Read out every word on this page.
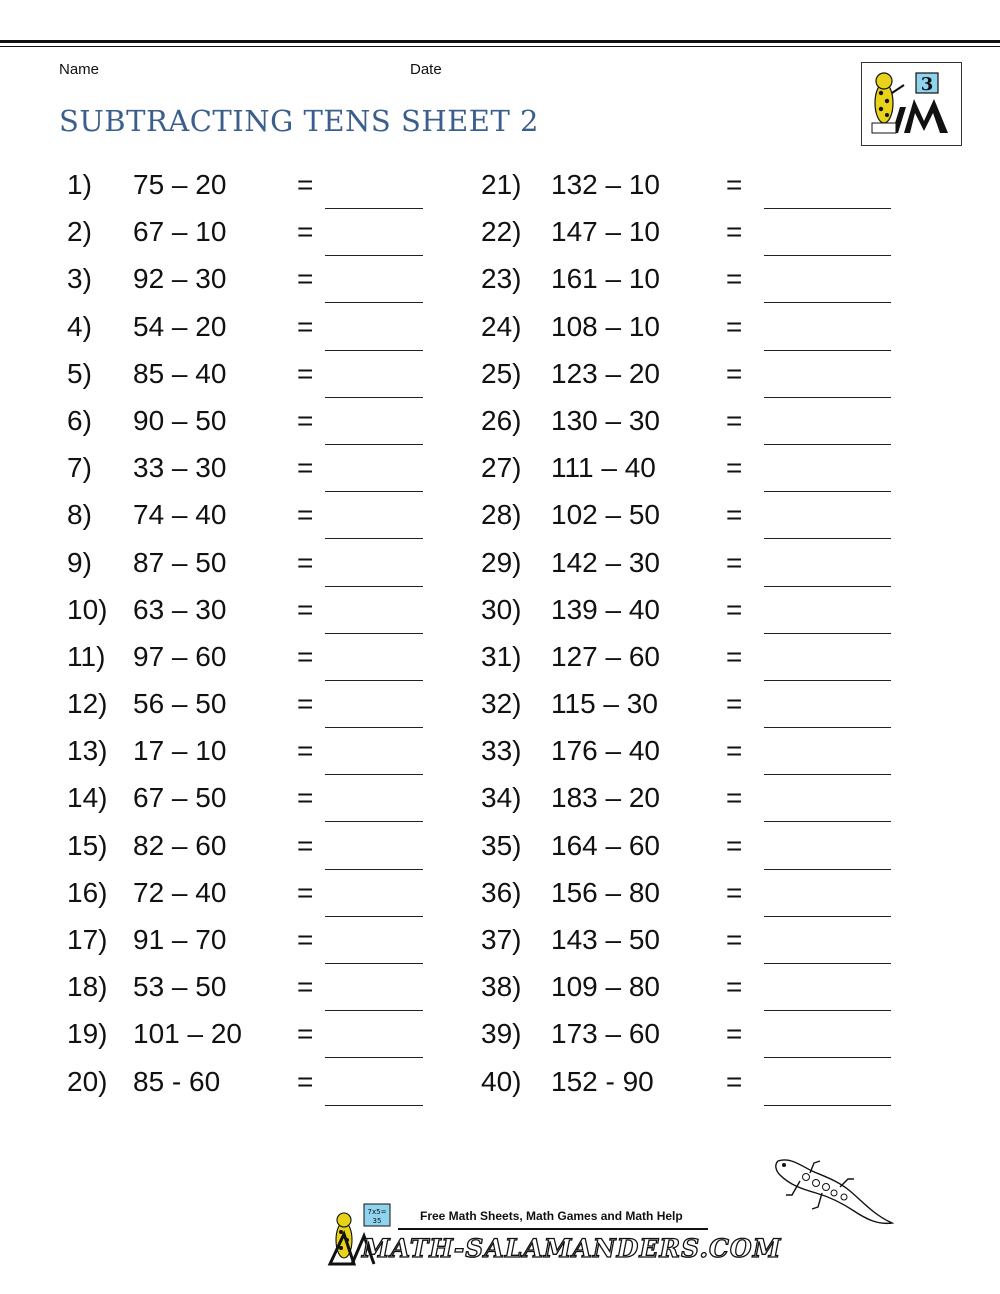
Name	Date
SUBTRACTING TENS SHEET 2
3
1) 75 – 20	=
2) 67 – 10	=
3) 92 – 30	=
4) 54 – 20	=
5) 85 – 40	=
6) 90 – 50	=
7) 33 – 30	=
8) 74 – 40	=
9) 87 – 50	=
10) 63 – 30	=
11) 97 – 60	=
12) 56 – 50	=
13) 17 – 10	=
14) 67 – 50	=
15) 82 – 60	=
16) 72 – 40	=
17) 91 – 70	=
18) 53 – 50	=
19) 101 – 20 =
20) 85 - 60	=
21) 132 – 10 =
22) 147 – 10 =
23) 161 – 10 =
24) 108 – 10 =
25) 123 – 20 =
26) 130 – 30 =
27) 111 – 40	=
28) 102 – 50 =
29) 142 – 30 =
30) 139 – 40 =
31) 127 – 60 =
32) 115 – 30 =
33) 176 – 40 =
34) 183 – 20 =
35) 164 – 60 =
36) 156 – 80 =
37) 143 – 50 =
38) 109 – 80 =
39) 173 – 60 =
40) 152 - 90	=
7x5=
35	Free Math Sheets, Math Games and Math Help
MATH-SALAMANDERS.COM
